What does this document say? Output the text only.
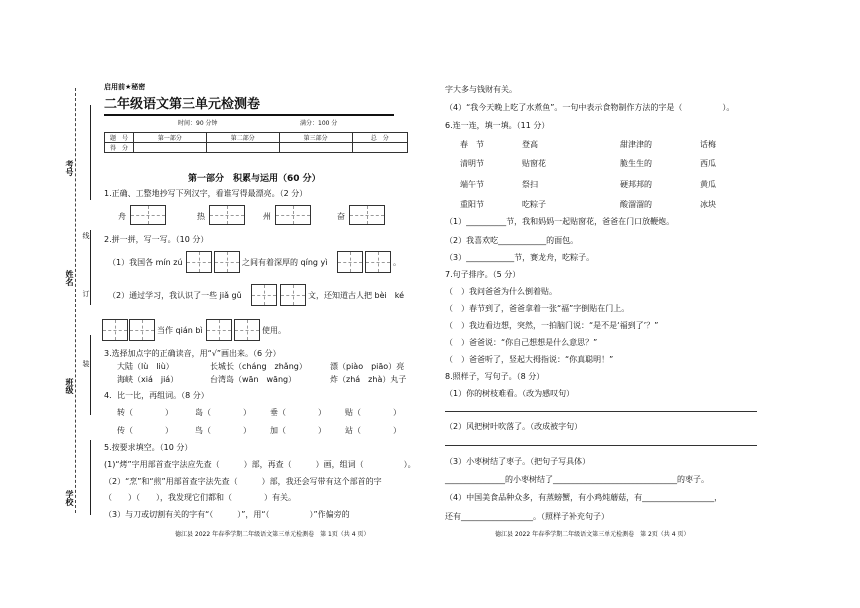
考号
姓名
班级
学校
线
订
装
启用前★秘密
二年级语文第三单元检测卷
时间：90 分钟	满分：100 分
题　号	第一部分	第二部分	第三部分	总　分
得　分				
第一部分　积累与运用（60 分）
1.正确、工整地抄写下列汉字，看谁写得最漂亮。（2 分）
舟	热	州	奋
2.拼一拼，写一写。（10 分）
（1）我国各 mín zú	之间有着深厚的 qíng yì	。
（2）通过学习，我认识了一些 jiǎ gǔ	文，还知道古人把 bèi　ké
当作 qián bì	使用。
3.选择加点字的正确读音，用“√”画出来。（6 分）
大陆（lù　liù）	长城长（cháng　zhǎng）	漂（piào　piāo）亮
海峡（xiá　jiá）	台湾岛（wān　wāng）	炸（zhá　zhà）丸子
4．比一比，再组词。（8 分）
转（　　　　）	岛（　　　　） 垂（　　　　） 贴（　　　　）
传（　　　　）	鸟（　　　　） 加（　　　　） 站（　　　　）
5.按要求填空。（10 分）
(1)“烤”字用部首查字法应先查（　　　）部，再查（　　　）画，组词（　　　　　）。
（2）“烹”和“煎”用部首查字法先查（　　　）部，我还会写带有这个部首的字
（　　）（　　），我发现它们都和（　　　　）有关。
（3）与刀或切割有关的字有“（　　　）”，用“（　　　　　）”作偏旁的
德江县 2022 年春季学期二年级语文第三单元检测卷　第 1页（共 4 页）
字大多与钱财有关。
（4）“我今天晚上吃了水煮鱼”。一句中表示食物制作方法的字是（　　　　　）。
6.连一连，填一填。（11 分）
春　节	登高	甜津津的	话梅
清明节	贴窗花	脆生生的	西瓜
端午节	祭扫	硬邦邦的	黄瓜
重阳节	吃粽子	酸溜溜的	冰块
（1）__________节，我和妈妈一起贴窗花，爸爸在门口放鞭炮。
（2）我喜欢吃____________的面包。
（3）____________节，赛龙舟，吃粽子。
7.句子排序。（5 分）
（　）我问爸爸为什么倒着贴。
（　）春节到了，爸爸拿着一张“福”字倒贴在门上。
（　）我边看边想，突然，一拍脑门说：“是不是‘福到了’？”
（　）爸爸说：“你自己想想是什么意思？”
（　）爸爸听了，竖起大拇指说：“你真聪明！”
8.照样子，写句子。（8 分）
（1）你的树枝难看。（改为感叹句）
（2）风把树叶吹落了。（改成被字句）
（3）小枣树结了枣子。（把句子写具体）
_______________的小枣树结了_______________________________的枣子。
（4）中国美食品种众多，有蒸螃蟹，有小鸡炖蘑菇，有__________________，
还有__________________。（照样子补充句子）
德江县 2022 年春季学期二年级语文第三单元检测卷　第 2页（共 4 页）
